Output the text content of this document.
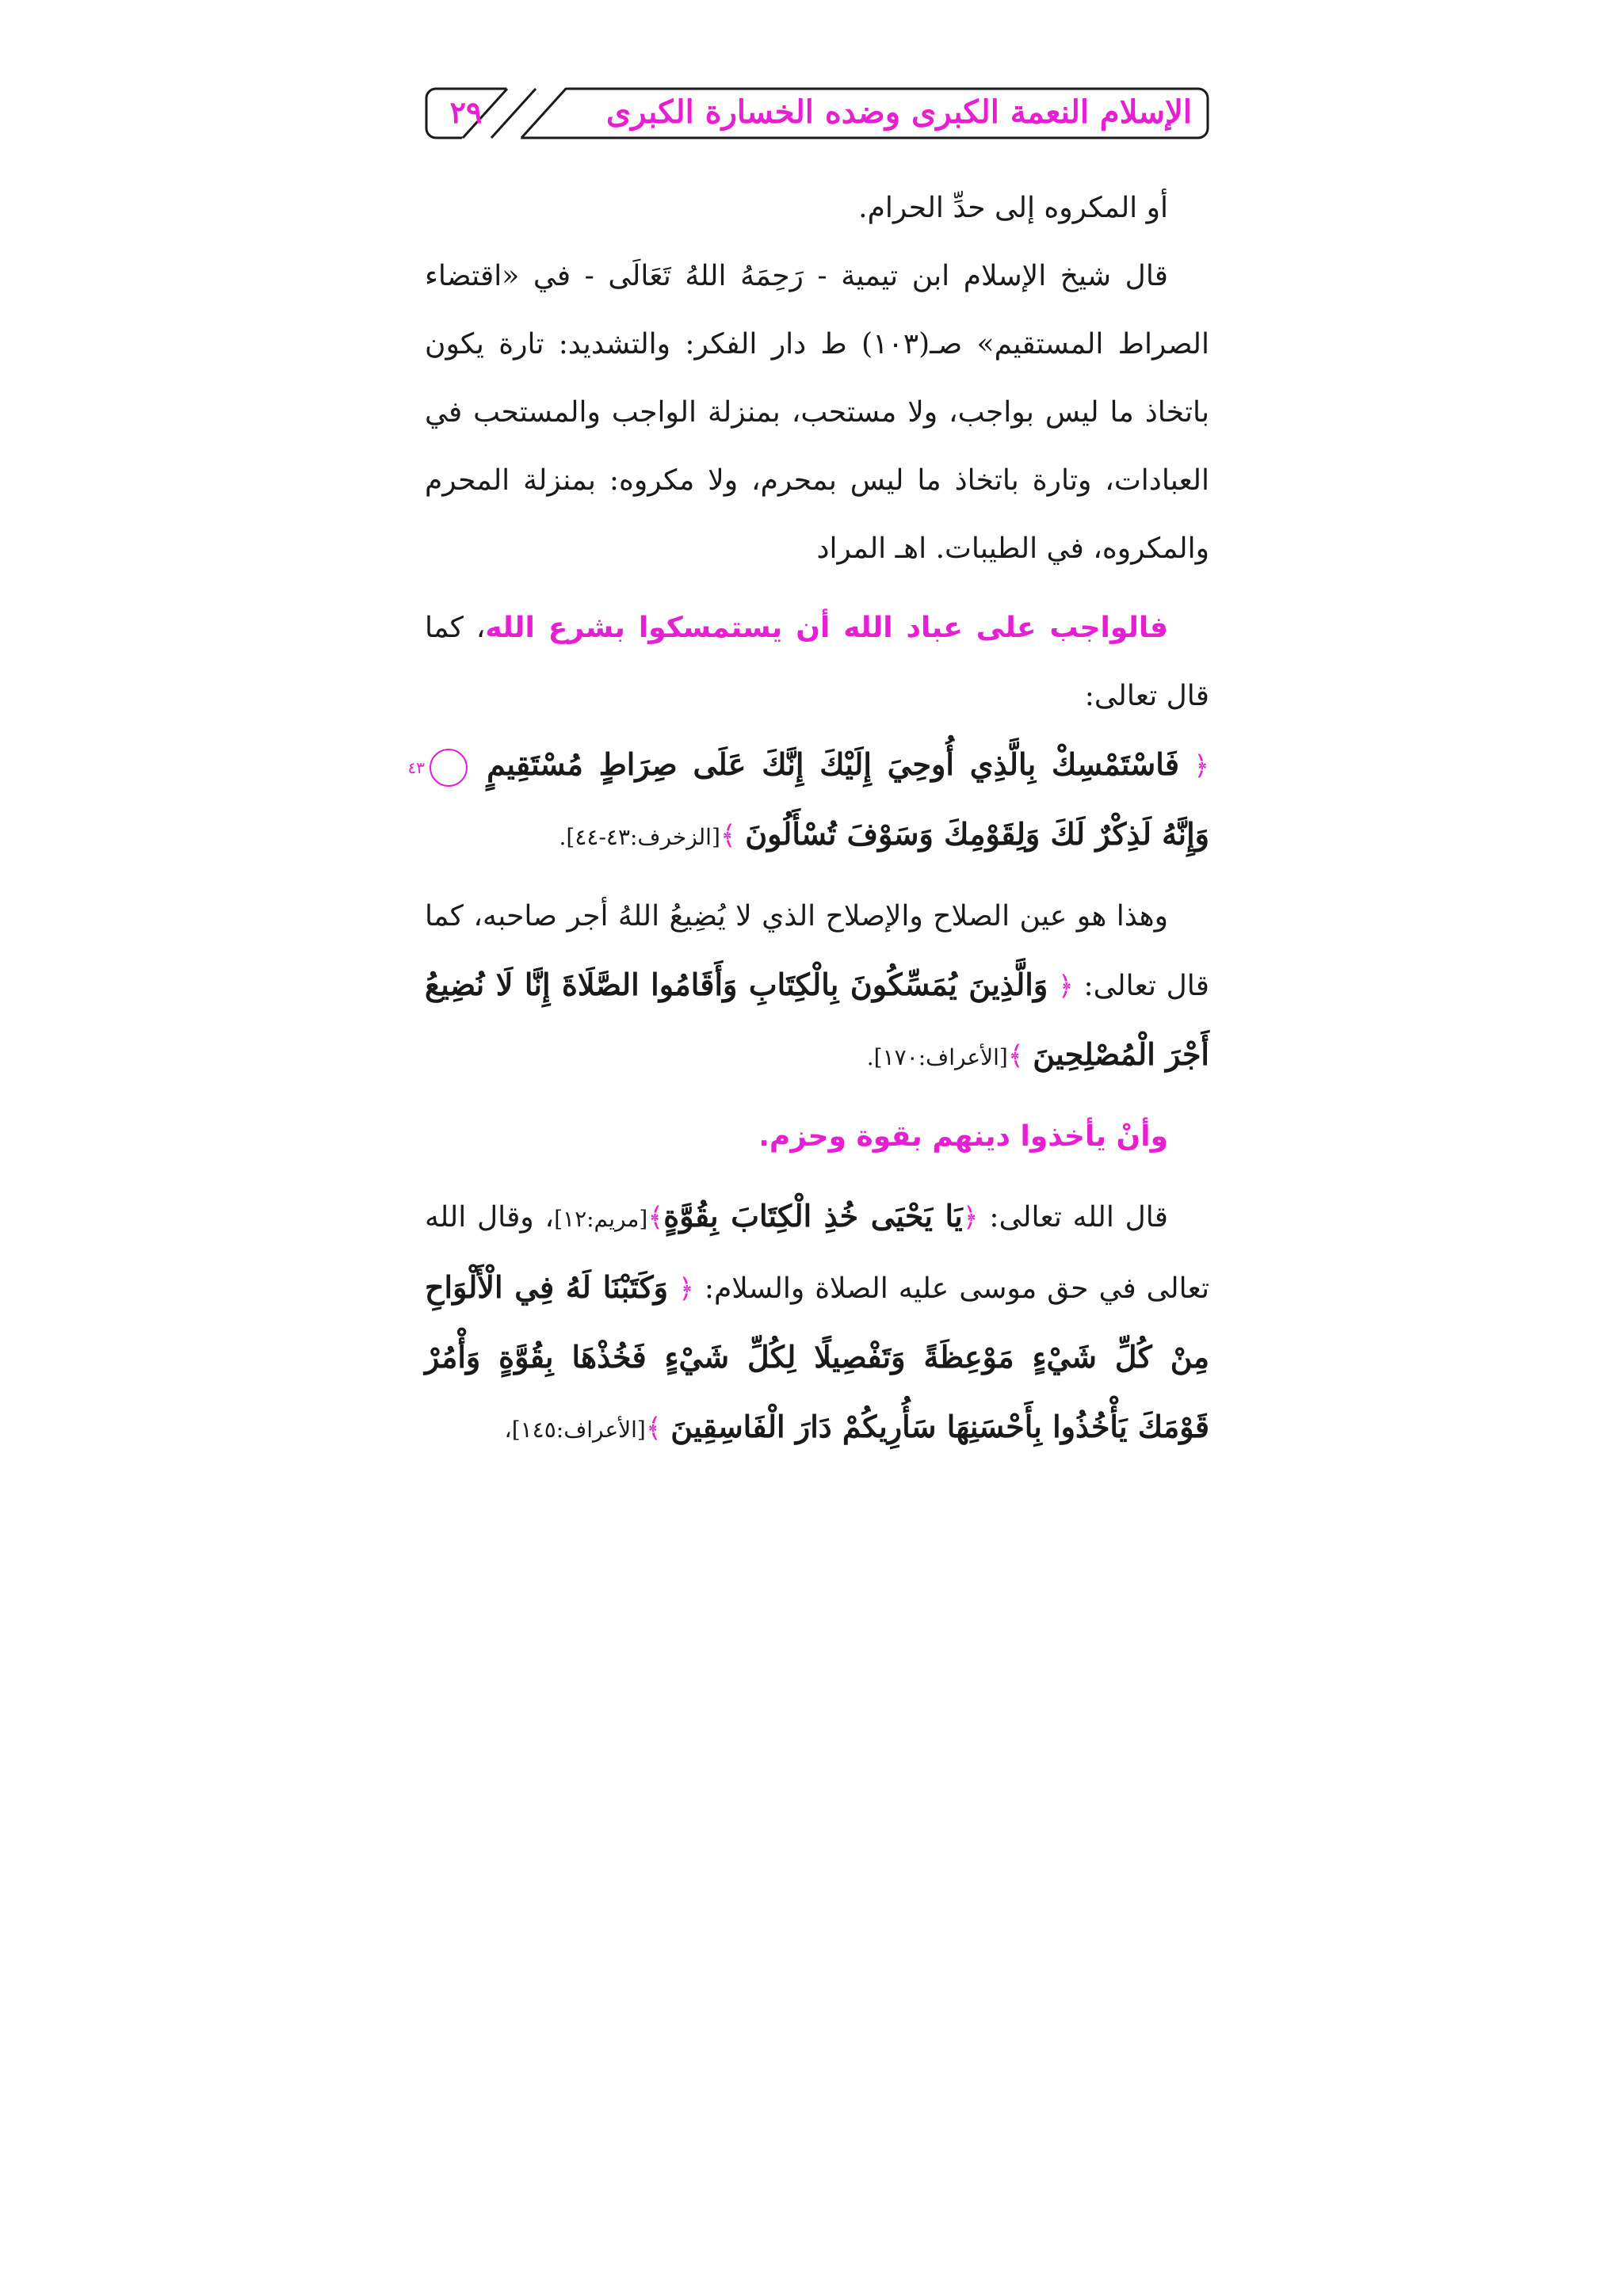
٢٩	الإسلام النعمة الكبرى وضده الخسارة الكبرى

أو المكروه إلى حدِّ الحرام.

قال شيخ الإسلام ابن تيمية - رَحِمَهُ اللهُ تَعَالَى - في «اقتضاء الصراط المستقيم» صـ(١٠٣) ط دار الفكر: والتشديد: تارة يكون باتخاذ ما ليس بواجب، ولا مستحب، بمنزلة الواجب والمستحب في العبادات، وتارة باتخاذ ما ليس بمحرم، ولا مكروه: بمنزلة المحرم والمكروه، في الطيبات. اهـ المراد

فالواجب على عباد الله أن يستمسكوا بشرع الله، كما قال تعالى:
﴿ فَاسْتَمْسِكْ بِالَّذِي أُوحِيَ إِلَيْكَ إِنَّكَ عَلَى صِرَاطٍ مُسْتَقِيمٍ ٤٣ وَإِنَّهُ لَذِكْرٌ لَكَ وَلِقَوْمِكَ وَسَوْفَ تُسْأَلُونَ ﴾[الزخرف:٤٣-٤٤].

وهذا هو عين الصلاح والإصلاح الذي لا يُضِيعُ اللهُ أجر صاحبه، كما قال تعالى: ﴿ وَالَّذِينَ يُمَسِّكُونَ بِالْكِتَابِ وَأَقَامُوا الصَّلَاةَ إِنَّا لَا نُضِيعُ أَجْرَ الْمُصْلِحِينَ ﴾[الأعراف:١٧٠].

وأنْ يأخذوا دينهم بقوة وحزم.

قال الله تعالى: ﴿يَا يَحْيَى خُذِ الْكِتَابَ بِقُوَّةٍ﴾[مريم:١٢]، وقال الله تعالى في حق موسى عليه الصلاة والسلام: ﴿ وَكَتَبْنَا لَهُ فِي الْأَلْوَاحِ مِنْ كُلِّ شَيْءٍ مَوْعِظَةً وَتَفْصِيلًا لِكُلِّ شَيْءٍ فَخُذْهَا بِقُوَّةٍ وَأْمُرْ قَوْمَكَ يَأْخُذُوا بِأَحْسَنِهَا سَأُرِيكُمْ دَارَ الْفَاسِقِينَ ﴾[الأعراف:١٤٥]،
